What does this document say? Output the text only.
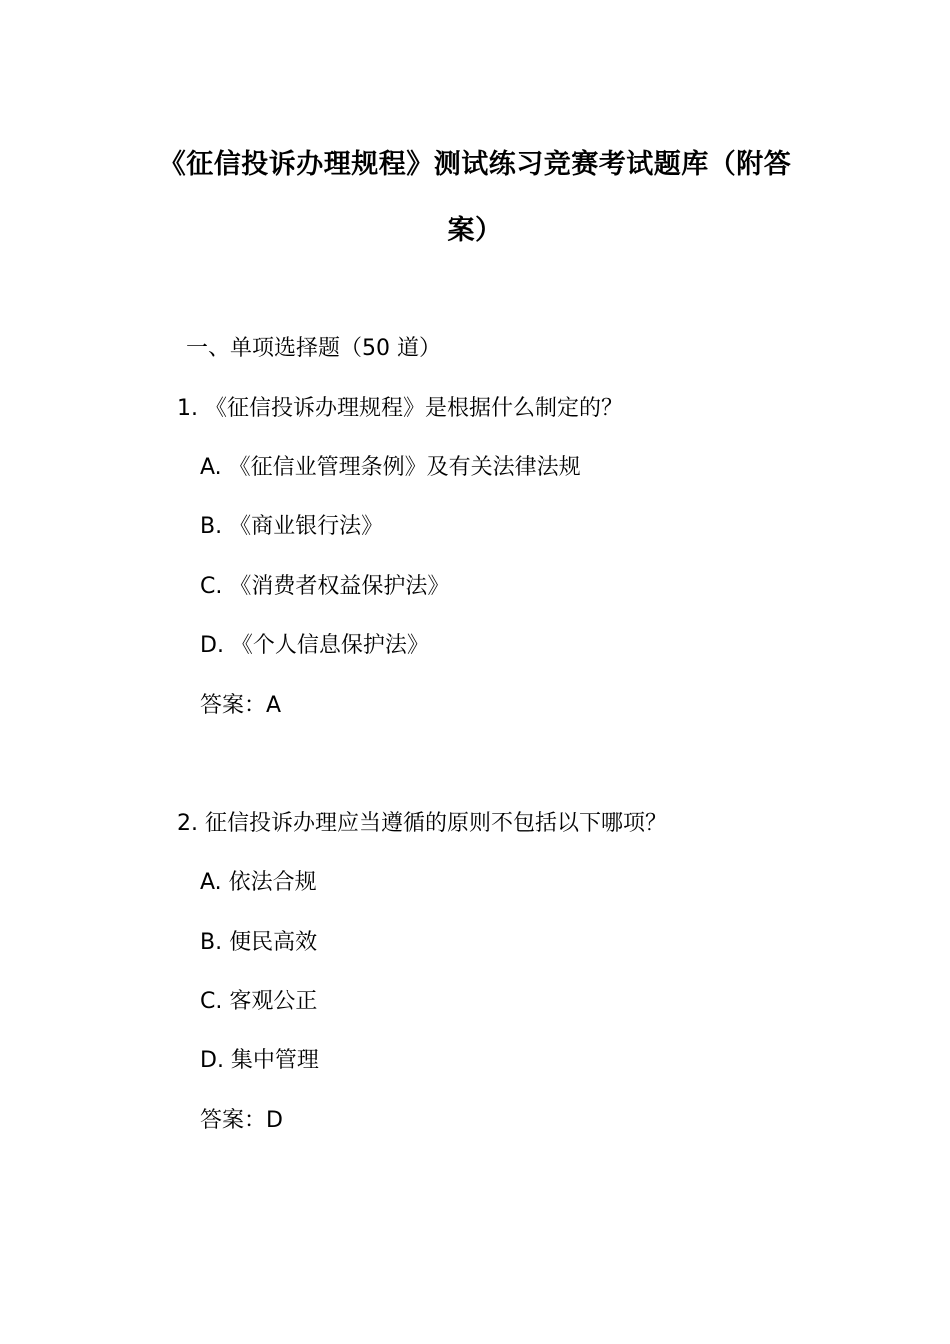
《征信投诉办理规程》测试练习竞赛考试题库（附答案）
一、单项选择题（50 道）
1. 《征信投诉办理规程》是根据什么制定的？
A. 《征信业管理条例》及有关法律法规
B. 《商业银行法》
C. 《消费者权益保护法》
D. 《个人信息保护法》
答案：A
2. 征信投诉办理应当遵循的原则不包括以下哪项？
A. 依法合规
B. 便民高效
C. 客观公正
D. 集中管理
答案：D
